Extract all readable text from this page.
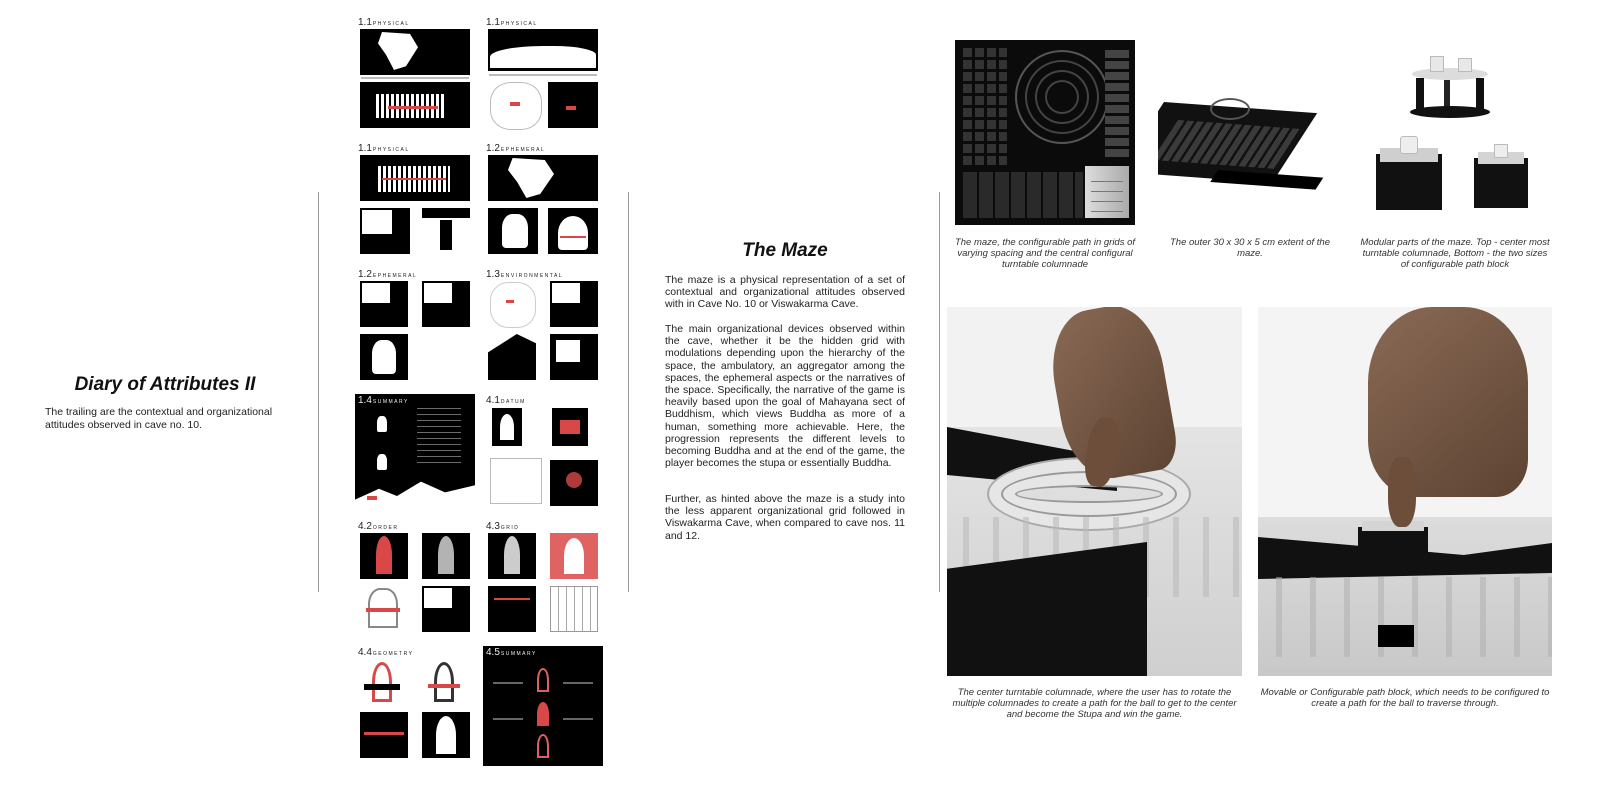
Diary of Attributes II
The trailing are the contextual and organizational attitudes observed in cave no. 10.
1.1PHYSICAL	1.1PHYSICAL
1.1PHYSICAL	1.2EPHEMERAL
1.2EPHEMERAL	1.3ENVIRONMENTAL
1.4SUMMARY	4.1DATUM
4.2ORDER	4.3GRID
4.4GEOMETRY	4.5SUMMARY
The Maze
The maze is a physical representation of a set of contextual and organizational attitudes observed with in Cave No. 10 or Viswakarma Cave.
The main organizational devices observed within the cave, whether it be the hidden grid with modulations depending upon the hierarchy of the space, the ambulatory, an aggregator among the spaces, the ephemeral aspects or the narratives of the space. Specifically, the narrative of the game is heavily based upon the goal of Mahayana sect of Buddhism, which views Buddha as more of a human, something more achievable. Here, the progression represents the different levels to becoming Buddha and at the end of the game, the player becomes the stupa or essentially Buddha.
Further, as hinted above the maze is a study into the less apparent organizational grid followed in Viswakarma Cave, when compared to cave nos. 11 and 12.
The maze, the configurable path in grids of varying spacing and the central configural turntable columnade
The outer 30 x 30 x 5 cm extent of the maze.
Modular parts of the maze. Top - center most turntable columnade, Bottom - the two sizes of configurable path block
The center turntable columnade, where the user has to rotate the multiple columnades to create a path for the ball to get to the center and become the Stupa and win the game.
Movable or Configurable path block, which needs to be configured to create a path for the ball to traverse through.
